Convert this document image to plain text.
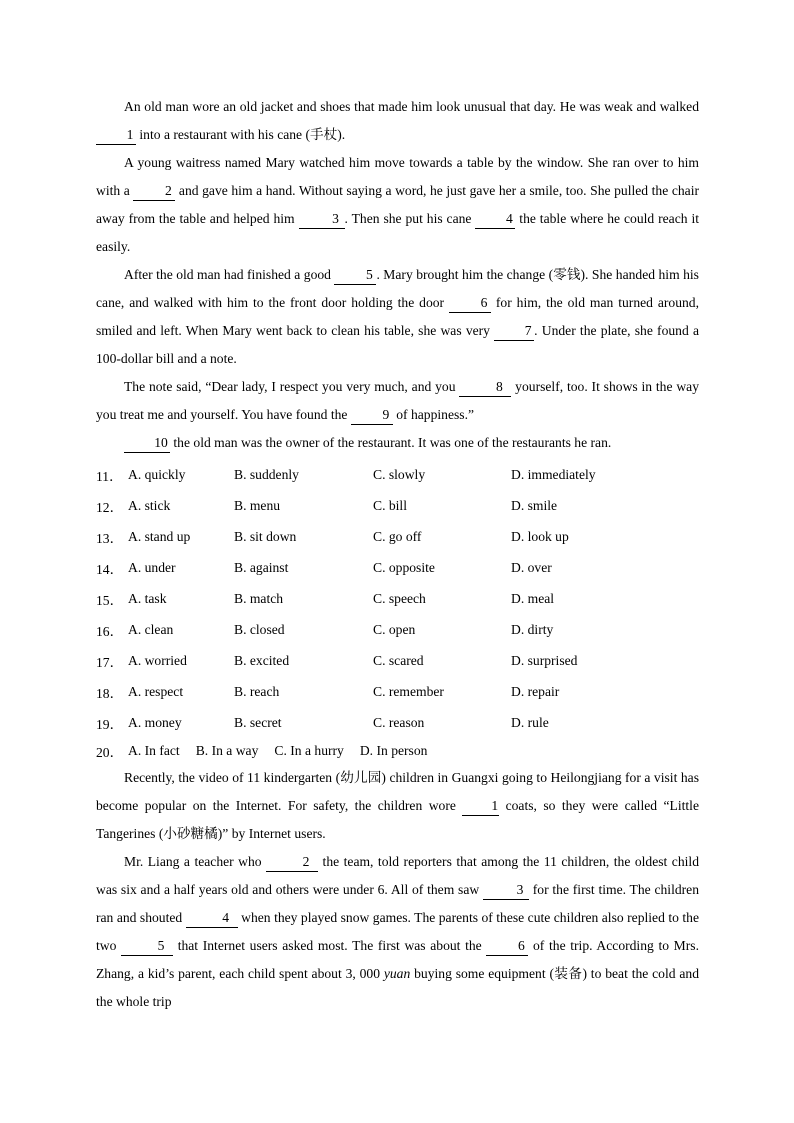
An old man wore an old jacket and shoes that made him look unusual that day. He was weak and walked 1 into a restaurant with his cane (手杖).

A young waitress named Mary watched him move towards a table by the window. She ran over to him with a 2 and gave him a hand. Without saying a word, he just gave her a smile, too. She pulled the chair away from the table and helped him 3 . Then she put his cane 4 the table where he could reach it easily.

After the old man had finished a good 5 . Mary brought him the change (零钱). She handed him his cane, and walked with him to the front door holding the door 6 for him, the old man turned around, smiled and left. When Mary went back to clean his table, she was very 7 . Under the plate, she found a 100-dollar bill and a note.

The note said, “Dear lady, I respect you very much, and you	8 yourself, too. It shows in the way you treat me and yourself. You have found the 9 of happiness.”

10 the old man was the owner of the restaurant. It was one of the restaurants he ran.

11． A. quickly	B. suddenly	C. slowly	D. immediately
12． A. stick	B. menu	C. bill	D. smile
13． A. stand up	B. sit down	C. go off	D. look up
14． A. under	B. against	C. opposite	D. over
15． A. task	B. match	C. speech	D. meal
16． A. clean	B. closed	C. open	D. dirty
17． A. worried	B. excited	C. scared	D. surprised
18． A. respect	B. reach	C. remember	D. repair
19． A. money	B. secret	C. reason	D. rule
20． A. In fact B. In a way C. In a hurry D. In person

Recently, the video of 11 kindergarten (幼儿园) children in Guangxi going to Heilongjiang for a visit has become popular on the Internet. For safety, the children wore 1 coats, so they were called “Little Tangerines (小砂糖橘)” by Internet users.

Mr. Liang a teacher who	2 the team, told reporters that among the 11 children, the oldest child was six and a half years old and others were under 6. All of them saw 3 for the first time. The children ran and shouted	4 when they played snow games. The parents of these cute children also replied to the two	5 that Internet users asked most. The first was about the 6 of the trip. According to Mrs. Zhang, a kid’s parent, each child spent about 3, 000 yuan buying some equipment (装备) to beat the cold and the whole trip
